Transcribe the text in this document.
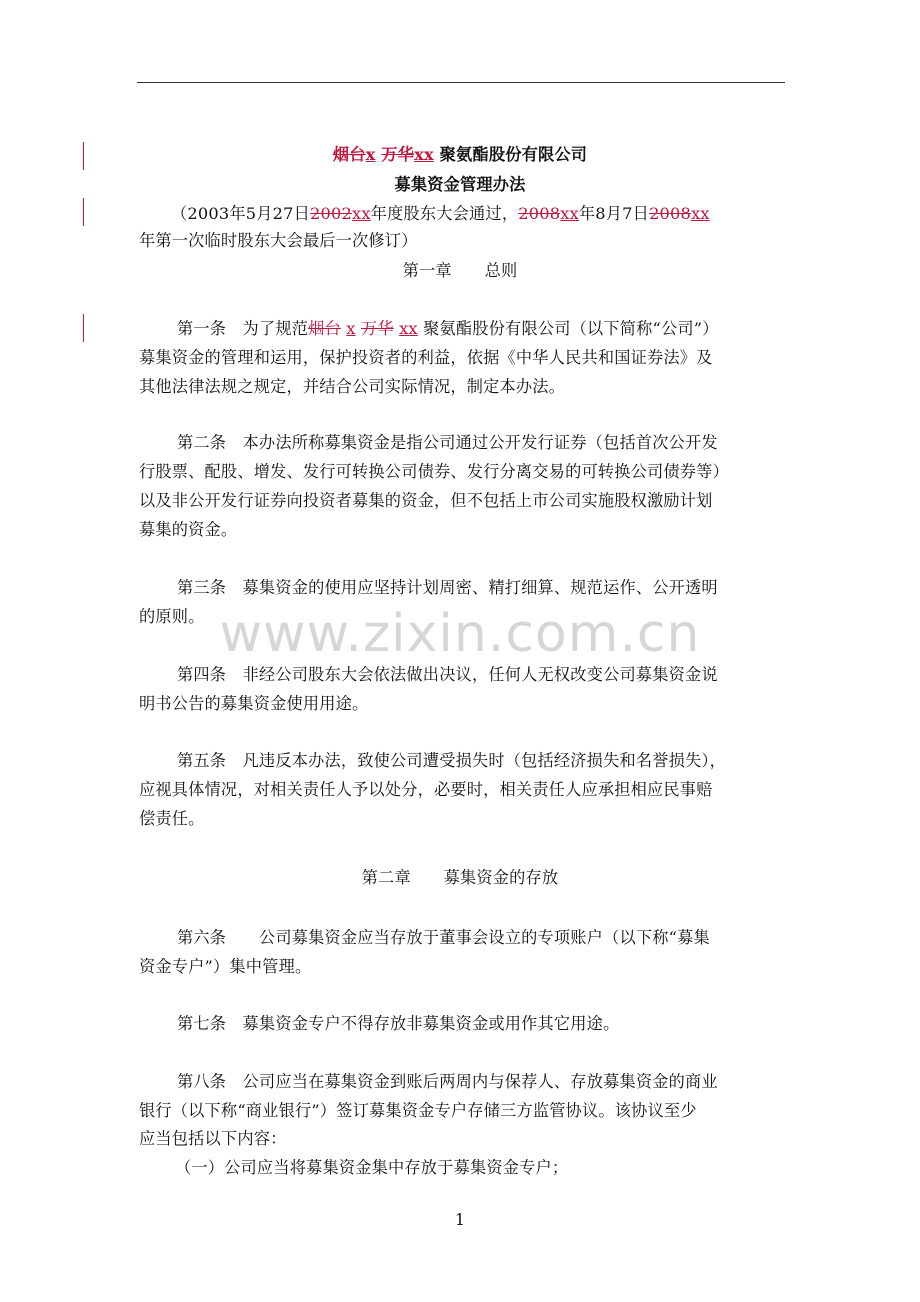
烟台x 万华xx 聚氨酯股份有限公司
募集资金管理办法
（2003年5月27日2002xx年度股东大会通过，2008xx年8月7日2008xx
年第一次临时股东大会最后一次修订）
第一章　　总则
第一条　为了规范烟台 x 万华 xx 聚氨酯股份有限公司（以下简称“公司”）
募集资金的管理和运用，保护投资者的利益，依据《中华人民共和国证券法》及
其他法律法规之规定，并结合公司实际情况，制定本办法。
第二条　本办法所称募集资金是指公司通过公开发行证券（包括首次公开发
行股票、配股、增发、发行可转换公司债券、发行分离交易的可转换公司债券等）
以及非公开发行证券向投资者募集的资金，但不包括上市公司实施股权激励计划
募集的资金。
第三条　募集资金的使用应坚持计划周密、精打细算、规范运作、公开透明
的原则。 www.zixin.com.cn
第四条　非经公司股东大会依法做出决议，任何人无权改变公司募集资金说
明书公告的募集资金使用用途。
第五条　凡违反本办法，致使公司遭受损失时（包括经济损失和名誉损失），
应视具体情况，对相关责任人予以处分，必要时，相关责任人应承担相应民事赔
偿责任。
第二章　　募集资金的存放
第六条　　公司募集资金应当存放于董事会设立的专项账户（以下称“募集
资金专户”）集中管理。
第七条　募集资金专户不得存放非募集资金或用作其它用途。
第八条　公司应当在募集资金到账后两周内与保荐人、存放募集资金的商业
银行（以下称“商业银行”）签订募集资金专户存储三方监管协议。该协议至少
应当包括以下内容：
（一）公司应当将募集资金集中存放于募集资金专户；
1
